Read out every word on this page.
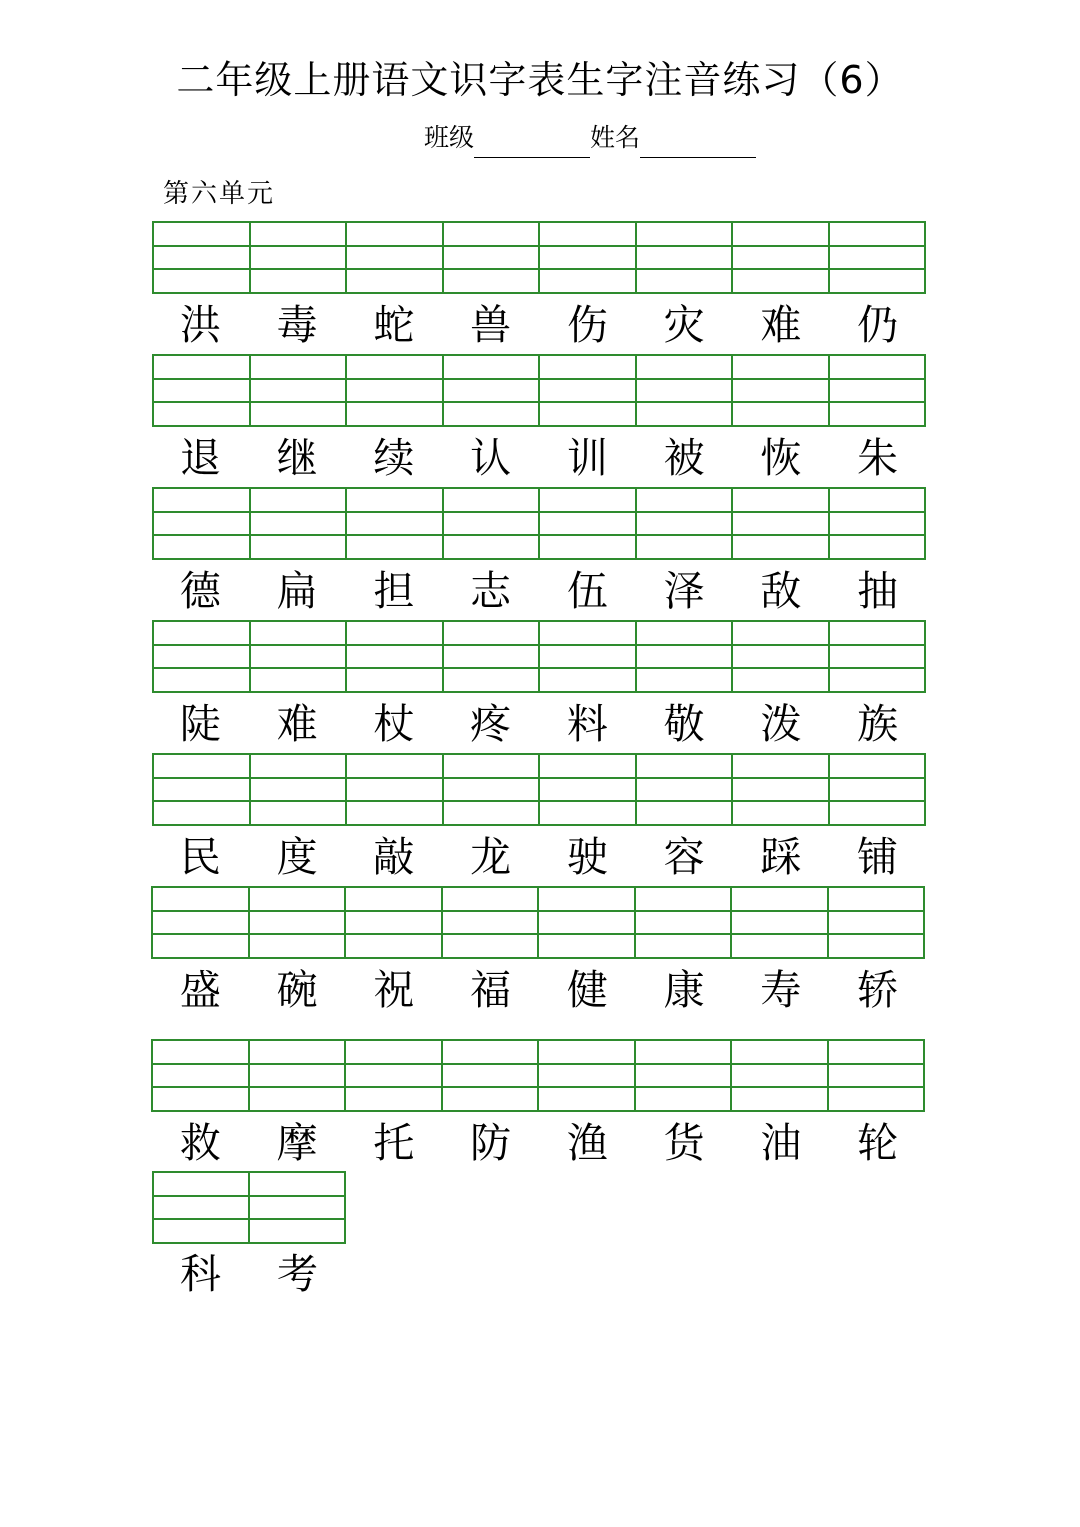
二年级上册语文识字表生字注音练习（6）
班级	姓名
第六单元
洪	毒	蛇	兽	伤	灾	难	仍
退	继	续	认	训	被	恢	朱
德	扁	担	志	伍	泽	敌	抽
陡	难	杖	疼	料	敬	泼	族
民	度	敲	龙	驶	容	踩	铺
盛	碗	祝	福	健	康	寿	轿
救	摩	托	防	渔	货	油	轮
科	考
